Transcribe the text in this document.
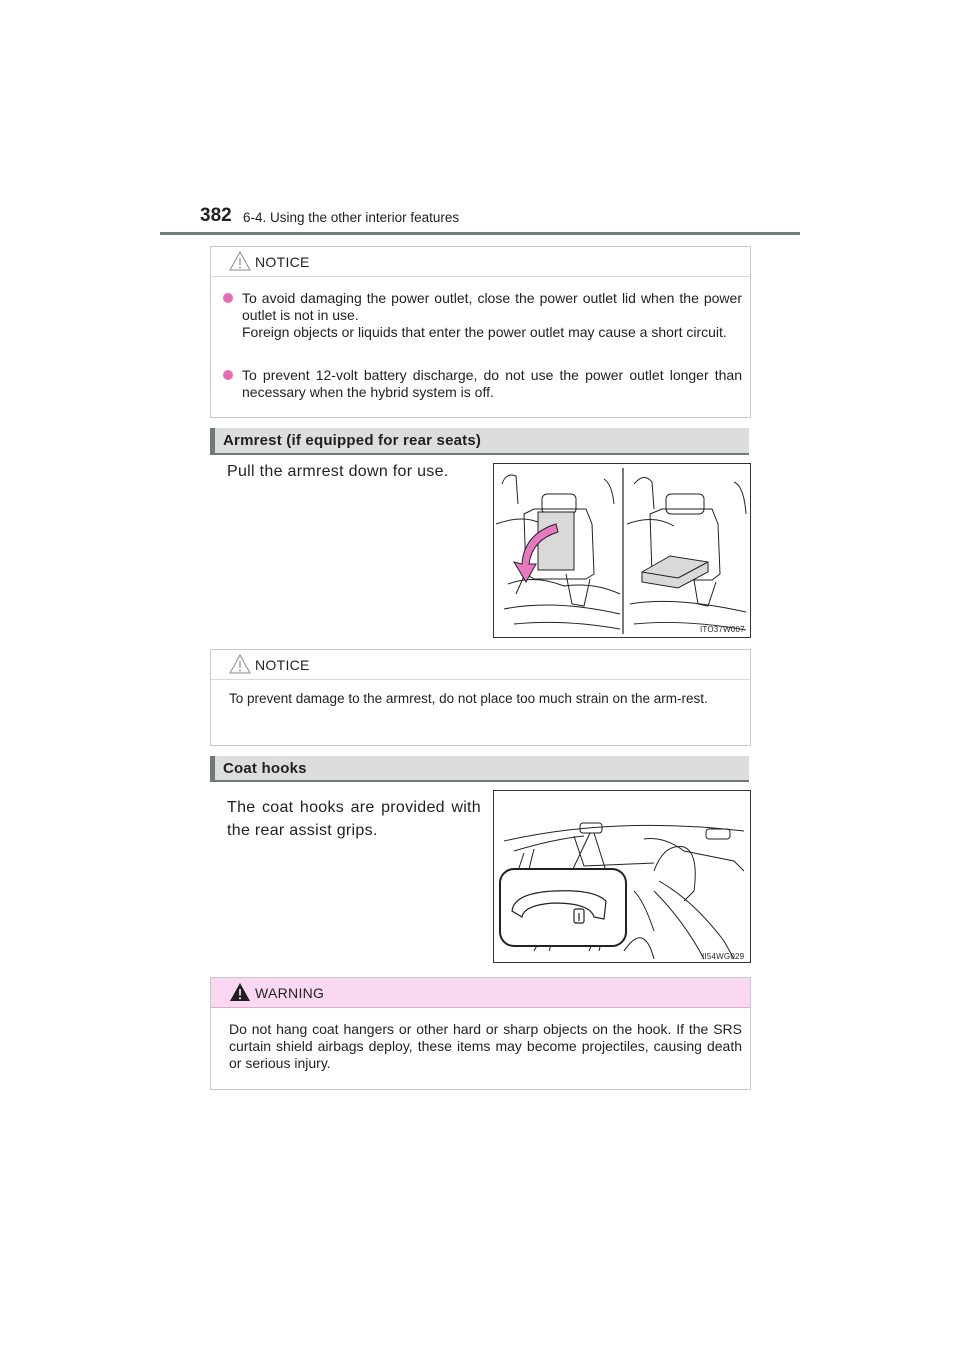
382 6-4. Using the other interior features
NOTICE
To avoid damaging the power outlet, close the power outlet lid when the power outlet is not in use.
Foreign objects or liquids that enter the power outlet may cause a short circuit.
To prevent 12-volt battery discharge, do not use the power outlet longer than necessary when the hybrid system is off.
Armrest (if equipped for rear seats)
Pull the armrest down for use.
ITO37W007
NOTICE
To prevent damage to the armrest, do not place too much strain on the arm-rest.
Coat hooks
The coat hooks are provided with the rear assist grips.
II54WG029
WARNING
Do not hang coat hangers or other hard or sharp objects on the hook. If the SRS curtain shield airbags deploy, these items may become projectiles, causing death or serious injury.
